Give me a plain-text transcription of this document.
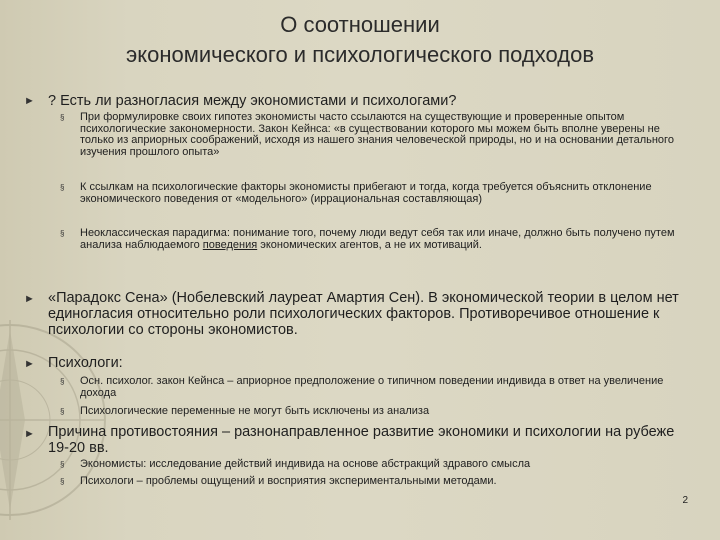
О соотношении
экономического и психологического подходов
► ? Есть ли разногласия между экономистами и психологами?
§ При формулировке своих гипотез экономисты часто ссылаются на существующие и проверенные опытом психологические закономерности. Закон Кейнса: «в существовании которого мы можем быть вполне уверены не только из априорных соображений, исходя из нашего знания человеческой природы, но и на основании детального изучения прошлого опыта»
§ К ссылкам на психологические факторы экономисты прибегают и тогда, когда требуется объяснить отклонение экономического поведения от «модельного» (иррациональная составляющая)
§ Неоклассическая парадигма: понимание того, почему люди ведут себя так или иначе, должно быть получено путем анализа наблюдаемого поведения экономических агентов, а не их мотиваций.
► «Парадокс Сена» (Нобелевский лауреат Амартия Сен). В экономической теории в целом нет единогласия относительно роли психологических факторов. Противоречивое отношение к психологии со стороны экономистов.
► Психологи:
§ Осн. психолог. закон Кейнса – априорное предположение о типичном поведении индивида в ответ на увеличение дохода
§ Психологические переменные не могут быть исключены из анализа
► Причина противостояния – разнонаправленное развитие экономики и психологии на рубеже 19-20 вв.
§ Экономисты: исследование действий индивида на основе абстракций здравого смысла
§ Психологи – проблемы ощущений и восприятия экспериментальными методами.
2
